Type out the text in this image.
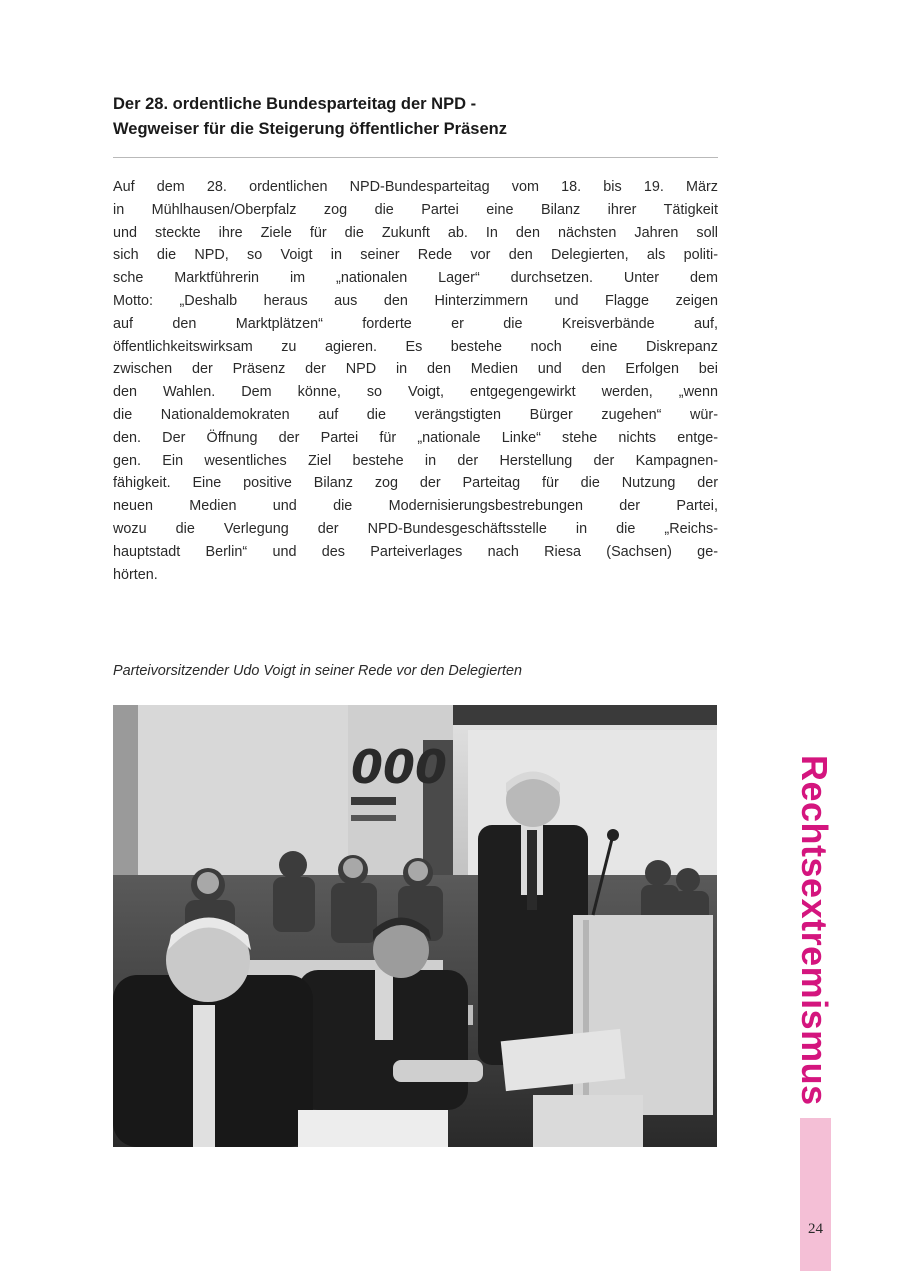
Der 28. ordentliche Bundesparteitag der NPD -
Wegweiser für die Steigerung öffentlicher Präsenz
Auf dem 28. ordentlichen NPD-Bundesparteitag vom 18. bis 19. März
in Mühlhausen/Oberpfalz zog die Partei eine Bilanz ihrer Tätigkeit
und steckte ihre Ziele für die Zukunft ab. In den nächsten Jahren soll
sich die NPD, so Voigt in seiner Rede vor den Delegierten, als politi-
sche Marktführerin im „nationalen Lager“ durchsetzen. Unter dem
Motto: „Deshalb heraus aus den Hinterzimmern und Flagge zeigen
auf den Marktplätzen“ forderte er die Kreisverbände auf,
öffentlichkeitswirksam zu agieren. Es bestehe noch eine Diskrepanz
zwischen der Präsenz der NPD in den Medien und den Erfolgen bei
den Wahlen. Dem könne, so Voigt, entgegengewirkt werden, „wenn
die Nationaldemokraten auf die verängstigten Bürger zugehen“ wür-
den. Der Öffnung der Partei für „nationale Linke“ stehe nichts entge-
gen. Ein wesentliches Ziel bestehe in der Herstellung der Kampagnen-
fähigkeit. Eine positive Bilanz zog der Parteitag für die Nutzung der
neuen Medien und die Modernisierungsbestrebungen der Partei,
wozu die Verlegung der NPD-Bundesgeschäftsstelle in die „Reichs-
hauptstadt Berlin“ und des Parteiverlages nach Riesa (Sachsen) ge-
hörten.
Parteivorsitzender Udo Voigt in seiner Rede vor den Delegierten
000	Rechtsextremismus
24
